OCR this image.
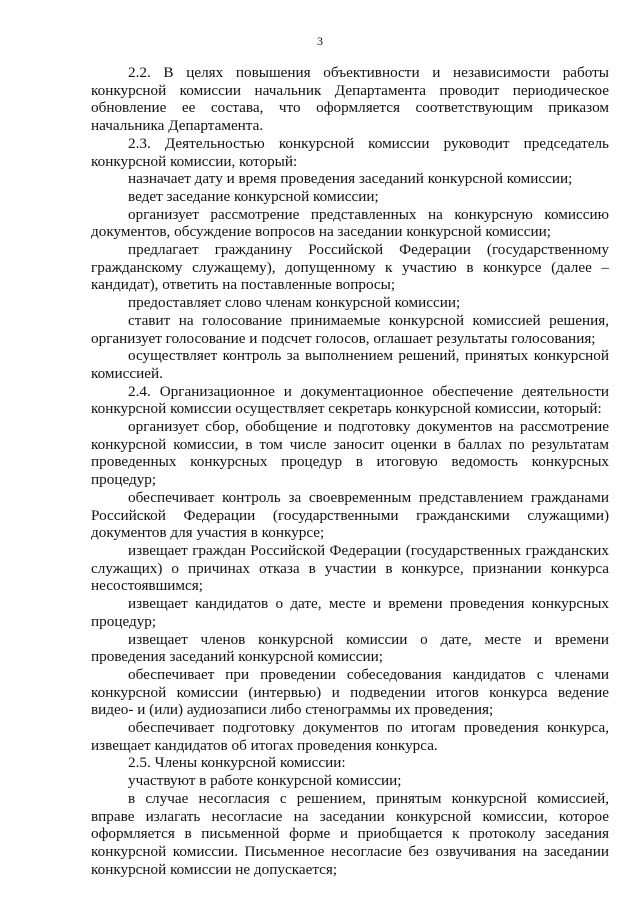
3

2.2. В целях повышения объективности и независимости работы конкурсной комиссии начальник Департамента проводит периодическое обновление ее состава, что оформляется соответствующим приказом начальника Департамента.

2.3. Деятельностью конкурсной комиссии руководит председатель конкурсной комиссии, который:

назначает дату и время проведения заседаний конкурсной комиссии;

ведет заседание конкурсной комиссии;

организует рассмотрение представленных на конкурсную комиссию документов, обсуждение вопросов на заседании конкурсной комиссии;

предлагает гражданину Российской Федерации (государственному гражданскому служащему), допущенному к участию в конкурсе (далее – кандидат), ответить на поставленные вопросы;

предоставляет слово членам конкурсной комиссии;

ставит на голосование принимаемые конкурсной комиссией решения, организует голосование и подсчет голосов, оглашает результаты голосования;

осуществляет контроль за выполнением решений, принятых конкурсной комиссией.

2.4. Организационное и документационное обеспечение деятельности конкурсной комиссии осуществляет секретарь конкурсной комиссии, который:

организует сбор, обобщение и подготовку документов на рассмотрение конкурсной комиссии, в том числе заносит оценки в баллах по результатам проведенных конкурсных процедур в итоговую ведомость конкурсных процедур;

обеспечивает контроль за своевременным представлением гражданами Российской Федерации (государственными гражданскими служащими) документов для участия в конкурсе;

извещает граждан Российской Федерации (государственных гражданских служащих) о причинах отказа в участии в конкурсе, признании конкурса несостоявшимся;

извещает кандидатов о дате, месте и времени проведения конкурсных процедур;

извещает членов конкурсной комиссии о дате, месте и времени проведения заседаний конкурсной комиссии;

обеспечивает при проведении собеседования кандидатов с членами конкурсной комиссии (интервью) и подведении итогов конкурса ведение видео- и (или) аудиозаписи либо стенограммы их проведения;

обеспечивает подготовку документов по итогам проведения конкурса, извещает кандидатов об итогах проведения конкурса.

2.5. Члены конкурсной комиссии:

участвуют в работе конкурсной комиссии;

в случае несогласия с решением, принятым конкурсной комиссией, вправе излагать несогласие на заседании конкурсной комиссии, которое оформляется в письменной форме и приобщается к протоколу заседания конкурсной комиссии. Письменное несогласие без озвучивания на заседании конкурсной комиссии не допускается;
